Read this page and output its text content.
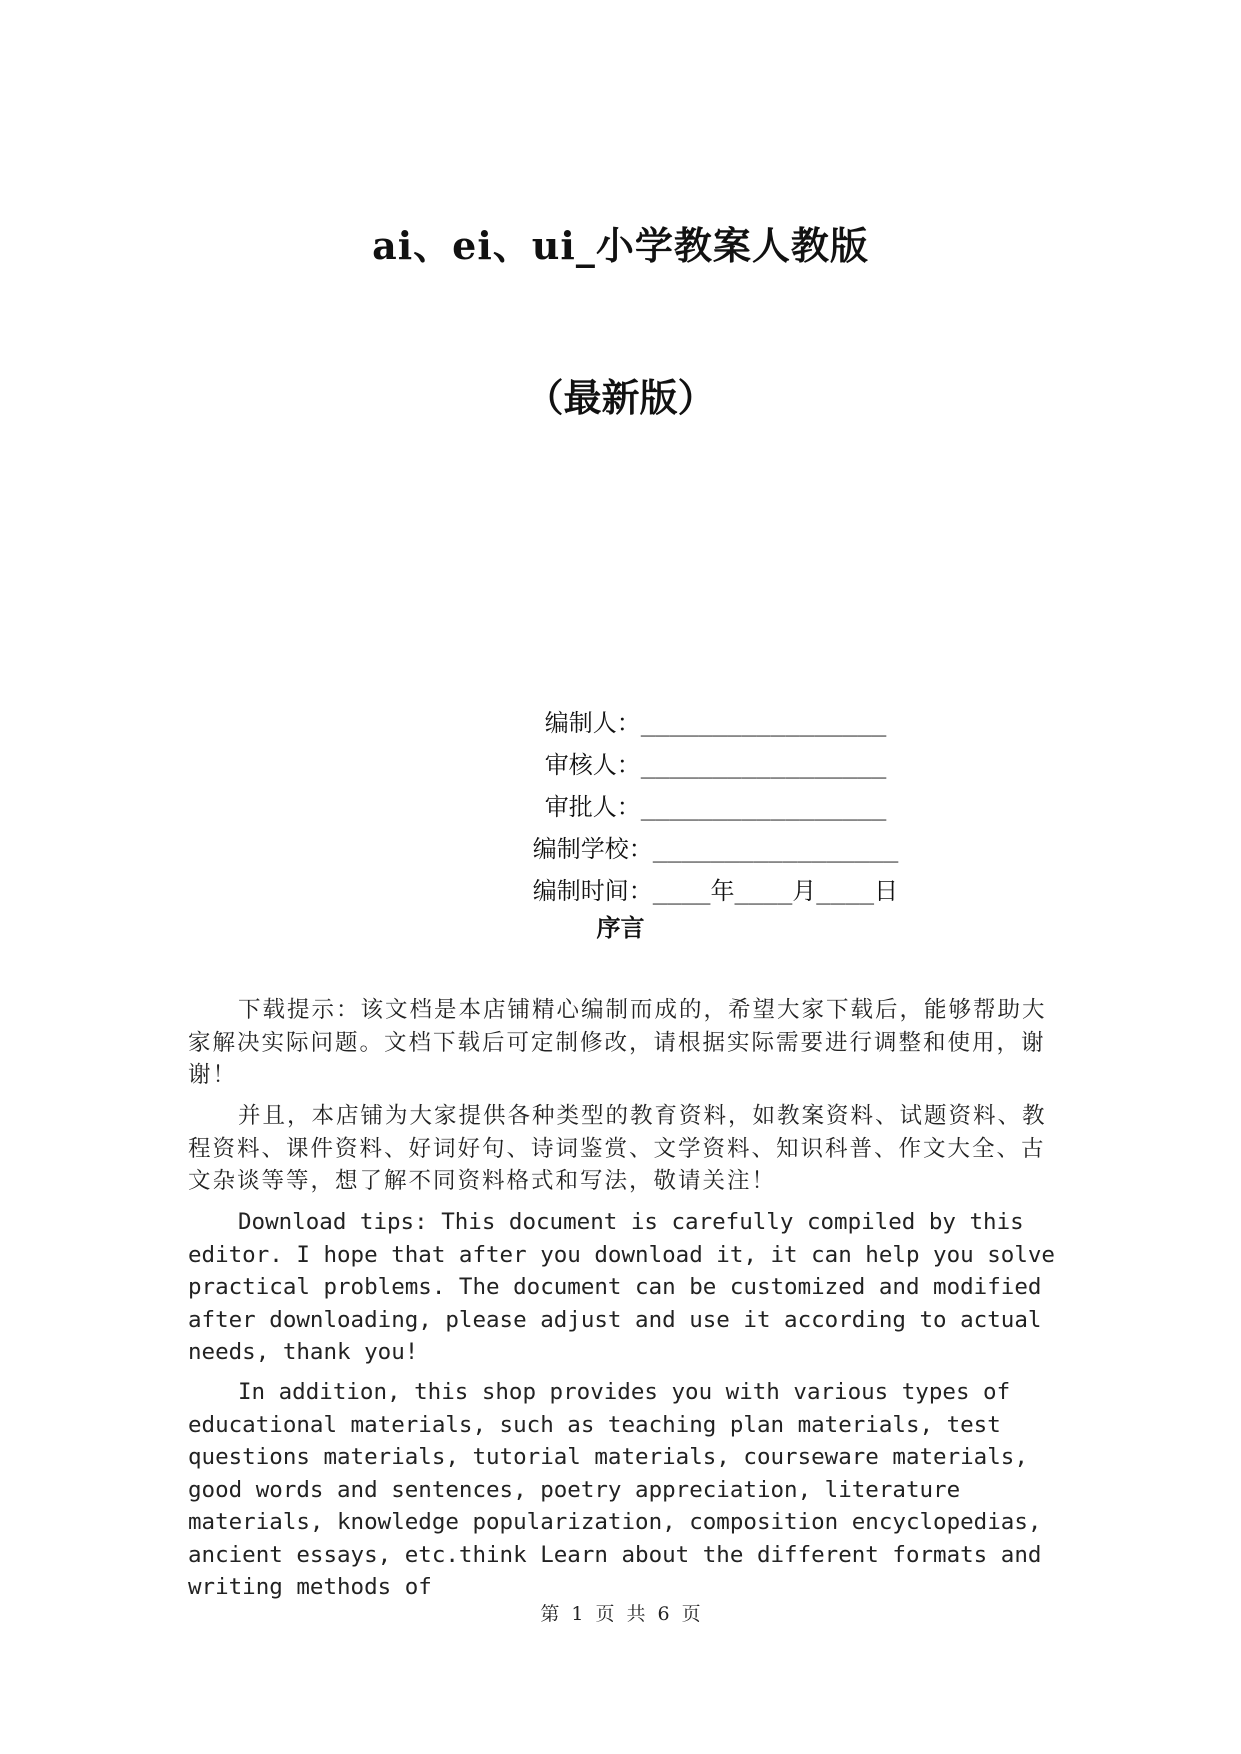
ai、ei、ui_小学教案人教版
（最新版）

编制人：_________________

审核人：_________________

审批人：_________________

编制学校：_________________

编制时间：____年____月____日

序言

下载提示：该文档是本店铺精心编制而成的，希望大家下载后，能够帮助大家解决实际问题。文档下载后可定制修改，请根据实际需要进行调整和使用，谢谢！

并且，本店铺为大家提供各种类型的教育资料，如教案资料、试题资料、教程资料、课件资料、好词好句、诗词鉴赏、文学资料、知识科普、作文大全、古文杂谈等等，想了解不同资料格式和写法，敬请关注！

Download tips: This document is carefully compiled by this editor. I hope that after you download it, it can help you solve practical problems. The document can be customized and modified after downloading, please adjust and use it according to actual needs, thank you!

In addition, this shop provides you with various types of educational materials, such as teaching plan materials, test questions materials, tutorial materials, courseware materials, good words and sentences, poetry appreciation, literature materials, knowledge popularization, composition encyclopedias, ancient essays, etc.think Learn about the different formats and writing methods of

第 1 页 共 6 页
